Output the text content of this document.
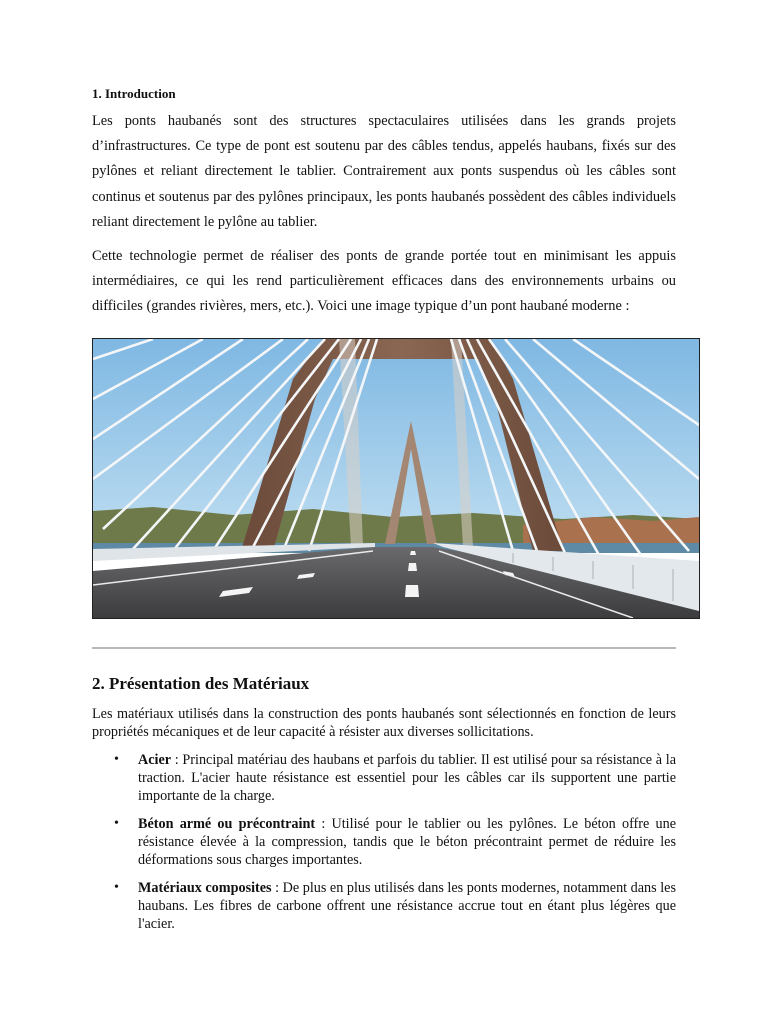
1. Introduction

Les ponts haubanés sont des structures spectaculaires utilisées dans les grands projets d’infrastructures. Ce type de pont est soutenu par des câbles tendus, appelés haubans, fixés sur des pylônes et reliant directement le tablier. Contrairement aux ponts suspendus où les câbles sont continus et soutenus par des pylônes principaux, les ponts haubanés possèdent des câbles individuels reliant directement le pylône au tablier.

Cette technologie permet de réaliser des ponts de grande portée tout en minimisant les appuis intermédiaires, ce qui les rend particulièrement efficaces dans des environnements urbains ou difficiles (grandes rivières, mers, etc.). Voici une image typique d’un pont haubané moderne :

2. Présentation des Matériaux

Les matériaux utilisés dans la construction des ponts haubanés sont sélectionnés en fonction de leurs propriétés mécaniques et de leur capacité à résister aux diverses sollicitations.

• Acier : Principal matériau des haubans et parfois du tablier. Il est utilisé pour sa résistance à la traction. L'acier haute résistance est essentiel pour les câbles car ils supportent une partie importante de la charge.
• Béton armé ou précontraint : Utilisé pour le tablier ou les pylônes. Le béton offre une résistance élevée à la compression, tandis que le béton précontraint permet de réduire les déformations sous charges importantes.
• Matériaux composites : De plus en plus utilisés dans les ponts modernes, notamment dans les haubans. Les fibres de carbone offrent une résistance accrue tout en étant plus légères que l'acier.
